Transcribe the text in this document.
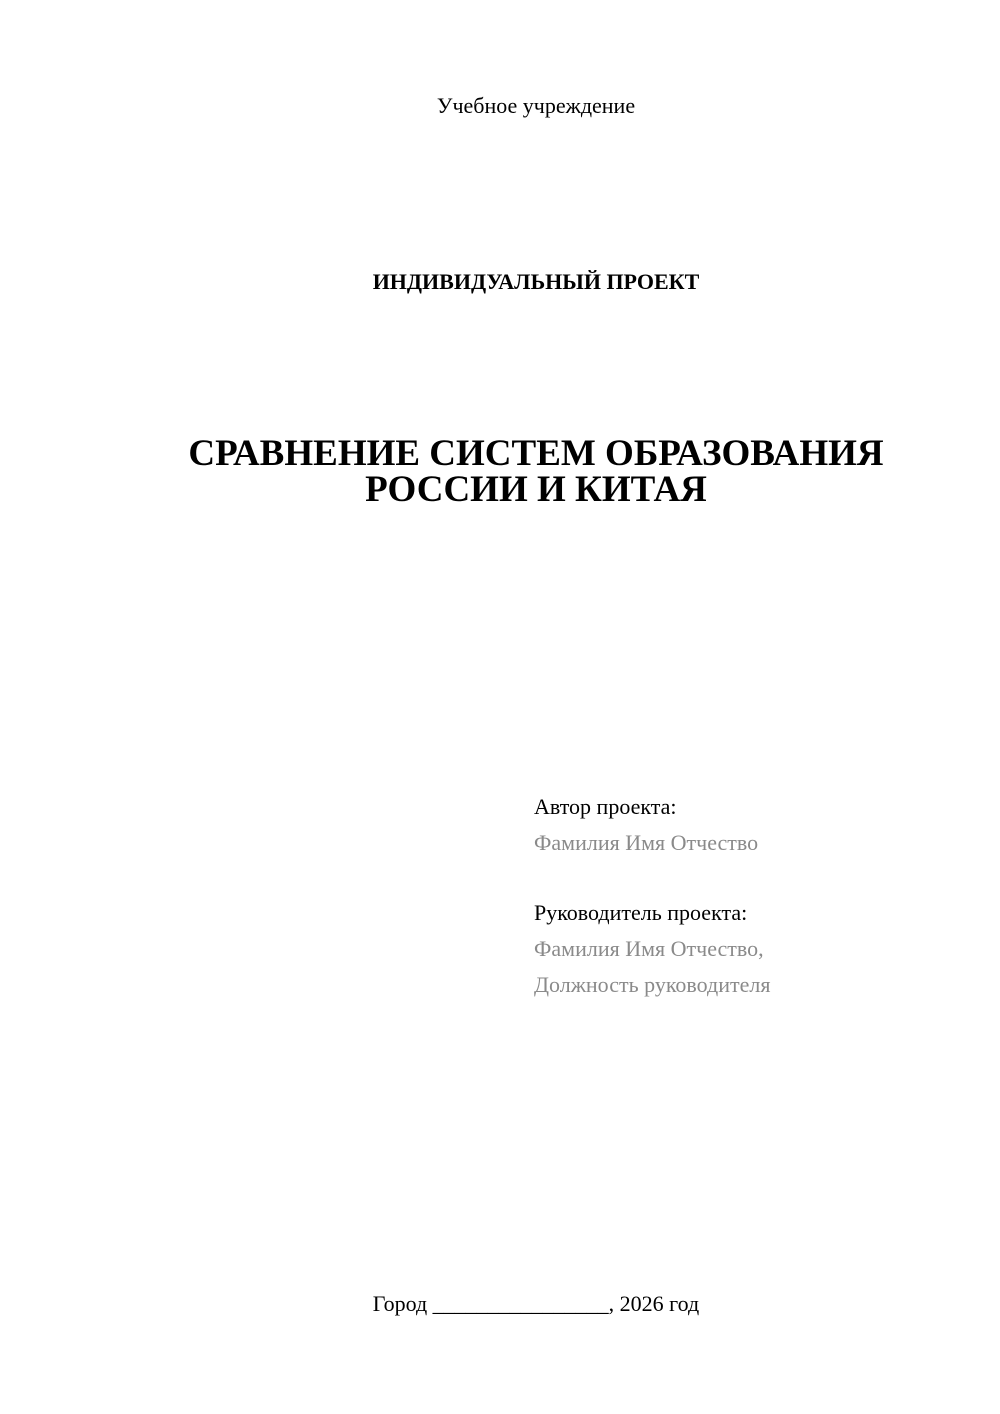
Учебное учреждение
ИНДИВИДУАЛЬНЫЙ ПРОЕКТ
СРАВНЕНИЕ СИСТЕМ ОБРАЗОВАНИЯ
РОССИИ И КИТАЯ
Автор проекта:
Фамилия Имя Отчество
Руководитель проекта:
Фамилия Имя Отчество,
Должность руководителя
Город ________________, 2026 год
